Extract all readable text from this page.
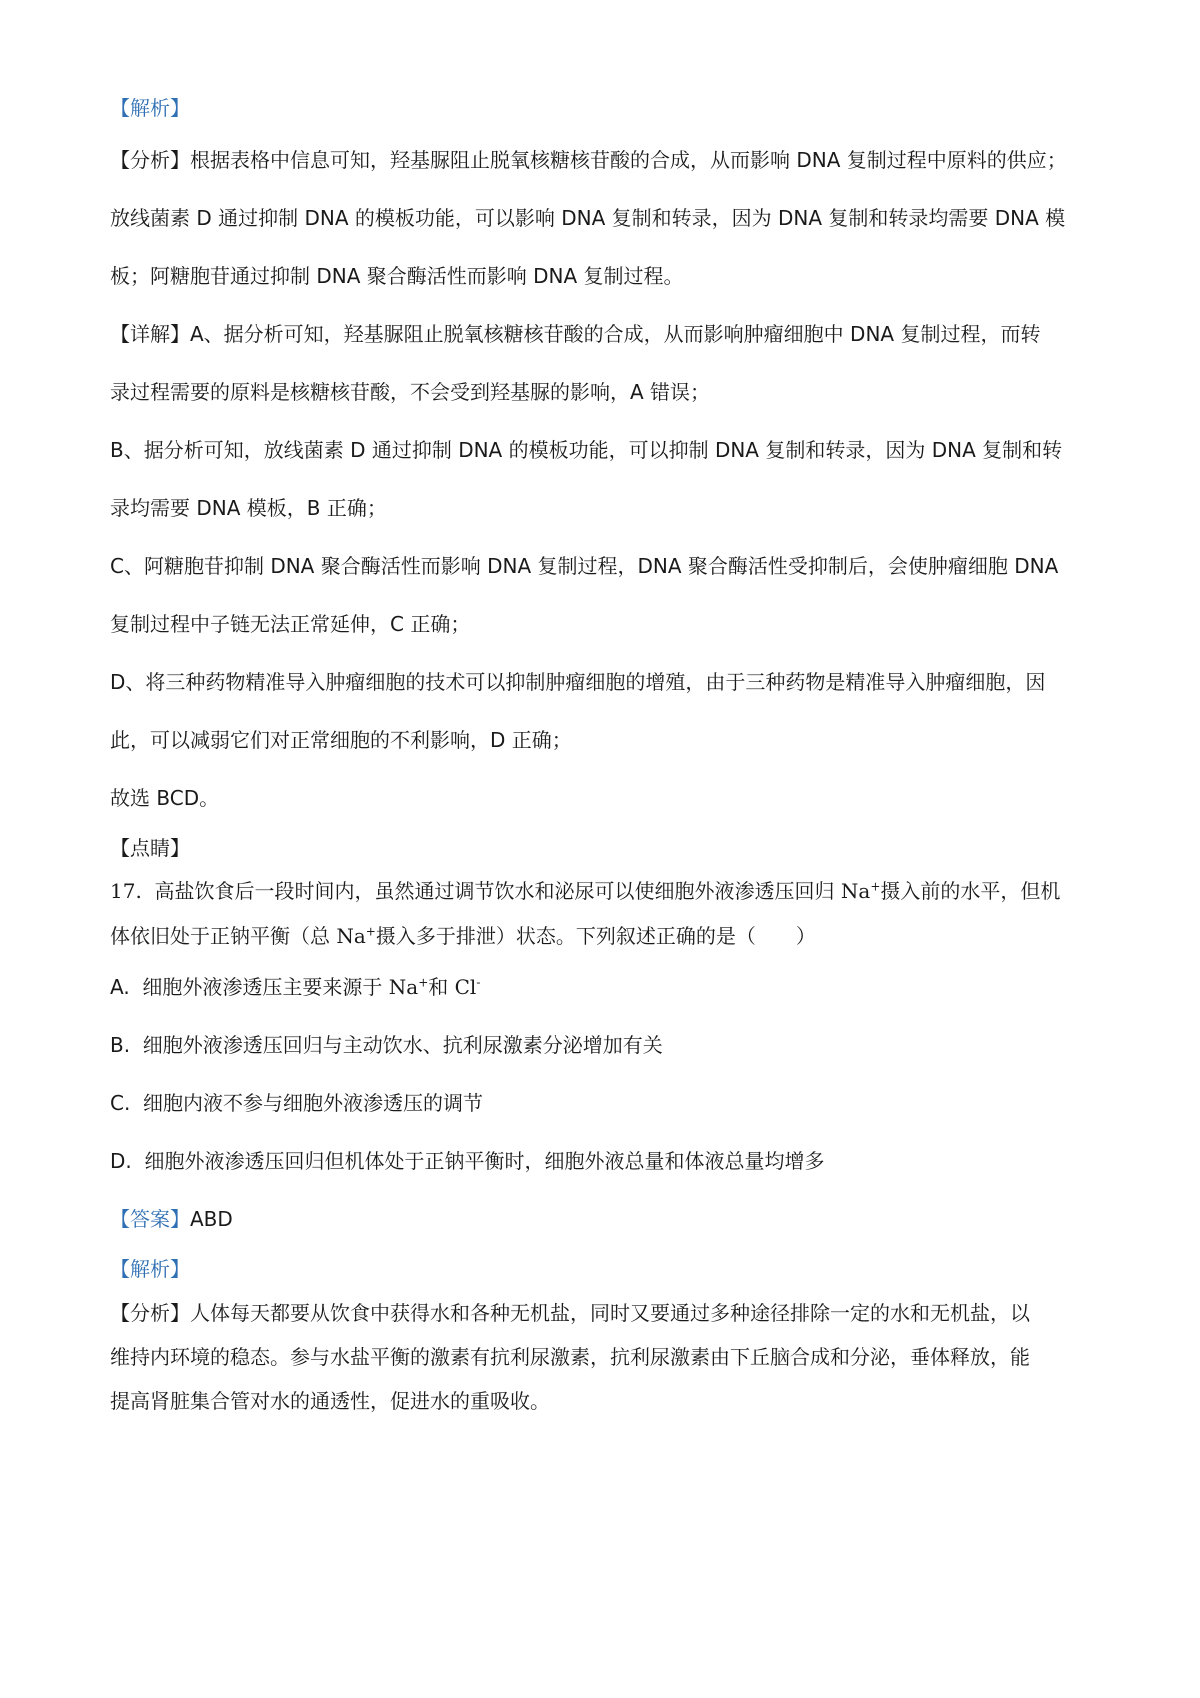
【解析】
【分析】根据表格中信息可知，羟基脲阻止脱氧核糖核苷酸的合成，从而影响 DNA 复制过程中原料的供应；
放线菌素 D 通过抑制 DNA 的模板功能，可以影响 DNA 复制和转录，因为 DNA 复制和转录均需要 DNA 模
板；阿糖胞苷通过抑制 DNA 聚合酶活性而影响 DNA 复制过程。
【详解】A、据分析可知，羟基脲阻止脱氧核糖核苷酸的合成，从而影响肿瘤细胞中 DNA 复制过程，而转
录过程需要的原料是核糖核苷酸，不会受到羟基脲的影响，A 错误；
B、据分析可知，放线菌素 D 通过抑制 DNA 的模板功能，可以抑制 DNA 复制和转录，因为 DNA 复制和转
录均需要 DNA 模板，B 正确；
C、阿糖胞苷抑制 DNA 聚合酶活性而影响 DNA 复制过程，DNA 聚合酶活性受抑制后，会使肿瘤细胞 DNA
复制过程中子链无法正常延伸，C 正确；
D、将三种药物精准导入肿瘤细胞的技术可以抑制肿瘤细胞的增殖，由于三种药物是精准导入肿瘤细胞，因
此，可以减弱它们对正常细胞的不利影响，D 正确；
故选 BCD。
【点睛】
17. 高盐饮食后一段时间内，虽然通过调节饮水和泌尿可以使细胞外液渗透压回归 Na+摄入前的水平，但机
体依旧处于正钠平衡（总 Na+摄入多于排泄）状态。下列叙述正确的是（　　）
A. 细胞外液渗透压主要来源于 Na+和 Cl-
B. 细胞外液渗透压回归与主动饮水、抗利尿激素分泌增加有关
C. 细胞内液不参与细胞外液渗透压的调节
D. 细胞外液渗透压回归但机体处于正钠平衡时，细胞外液总量和体液总量均增多
【答案】ABD
【解析】
【分析】人体每天都要从饮食中获得水和各种无机盐，同时又要通过多种途径排除一定的水和无机盐，以
维持内环境的稳态。参与水盐平衡的激素有抗利尿激素，抗利尿激素由下丘脑合成和分泌，垂体释放，能
提高肾脏集合管对水的通透性，促进水的重吸收。
